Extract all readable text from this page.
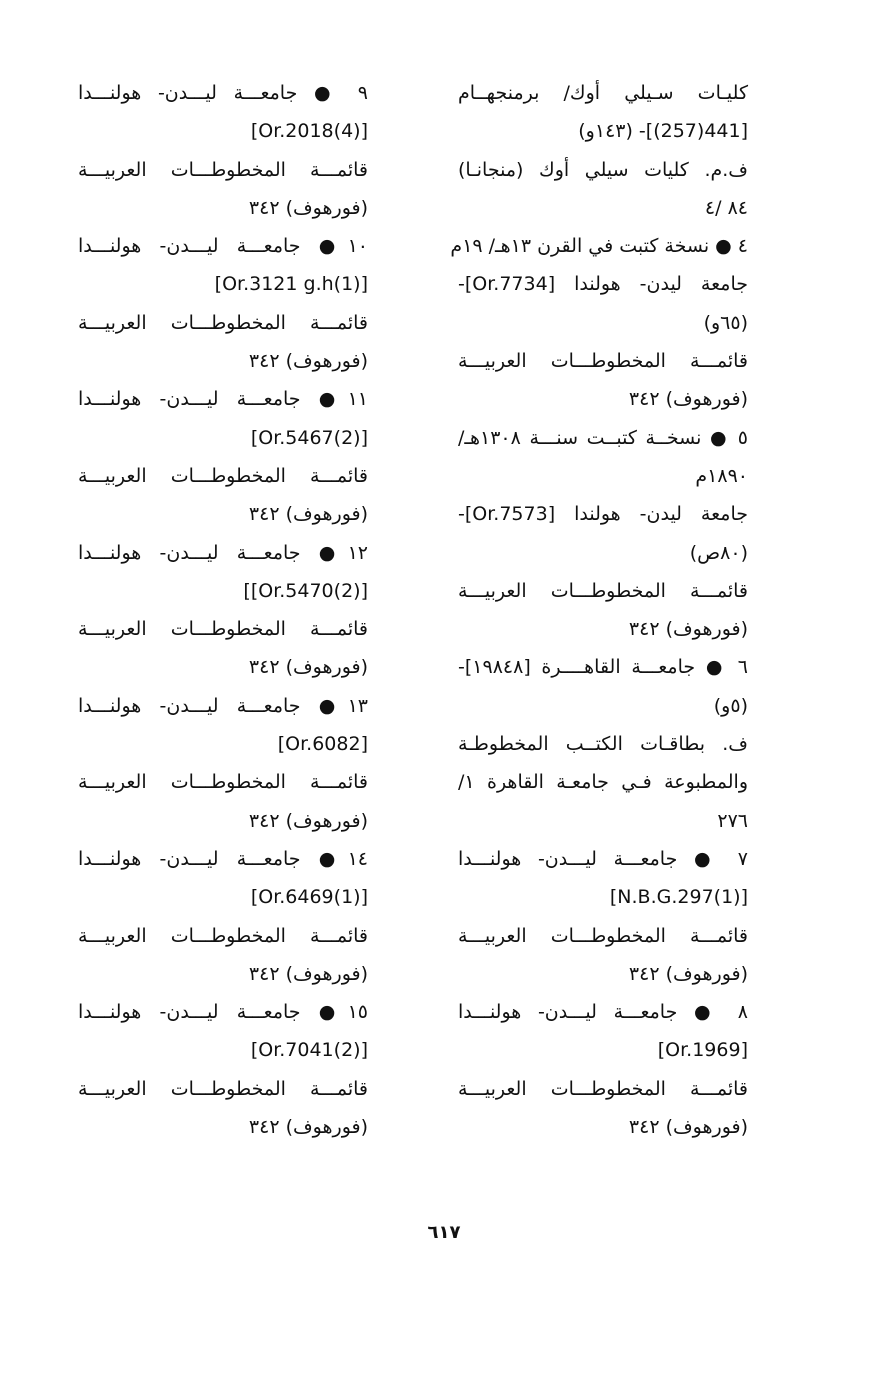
كليـات سـيلي أوك/ برمنجهــام
[441(257)]- (١٤٣و)
ف.م. كليات سيلي أوك (منجانـا)
٨٤ /٤
٤ ● نسخة كتبت في القرن ١٣هـ/ ١٩م
جامعة ليدن- هولندا [Or.7734]-
(٦٥و)
قائمـــة المخطوطـــات العربيـــة
(فورهوف) ٣٤٢
٥ ● نسخــة كتبــت سنـــة ١٣٠٨هـ/
١٨٩٠م
جامعة ليدن- هولندا [Or.7573]-
(٨٠ص)
قائمـــة المخطوطـــات العربيـــة
(فورهوف) ٣٤٢
٦ ● جامعـــة القاهــــرة [١٩٨٤٨]-
(٥و)
ف. بطاقـات الكتــب المخطوطـة
والمطبوعة فـي جامعـة القاهرة ١/
٢٧٦
٧ ● جامعـــة ليـــدن- هولنـــدا
[N.B.G.297(1)]
قائمـــة المخطوطـــات العربيـــة
(فورهوف) ٣٤٢
٨ ● جامعـــة ليـــدن- هولنـــدا
[Or.1969]
قائمـــة المخطوطـــات العربيـــة
(فورهوف) ٣٤٢
٩ ● جامعـــة ليـــدن- هولنـــدا
[Or.2018(4)]
قائمـــة المخطوطـــات العربيـــة
(فورهوف) ٣٤٢
١٠● جامعـــة ليـــدن- هولنـــدا
[Or.3121 g.h(1)]
قائمـــة المخطوطـــات العربيـــة
(فورهوف) ٣٤٢
١١● جامعـــة ليـــدن- هولنـــدا
[Or.5467(2)]
قائمـــة المخطوطـــات العربيـــة
(فورهوف) ٣٤٢
١٢● جامعـــة ليـــدن- هولنـــدا
[Or.5470(2)]]
قائمـــة المخطوطـــات العربيـــة
(فورهوف) ٣٤٢
١٣● جامعـــة ليـــدن- هولنـــدا
[Or.6082]
قائمـــة المخطوطـــات العربيـــة
(فورهوف) ٣٤٢
١٤● جامعـــة ليـــدن- هولنـــدا
[Or.6469(1)]
قائمـــة المخطوطـــات العربيـــة
(فورهوف) ٣٤٢
١٥● جامعـــة ليـــدن- هولنـــدا
[Or.7041(2)]
قائمـــة المخطوطـــات العربيـــة
(فورهوف) ٣٤٢
٦١٧
